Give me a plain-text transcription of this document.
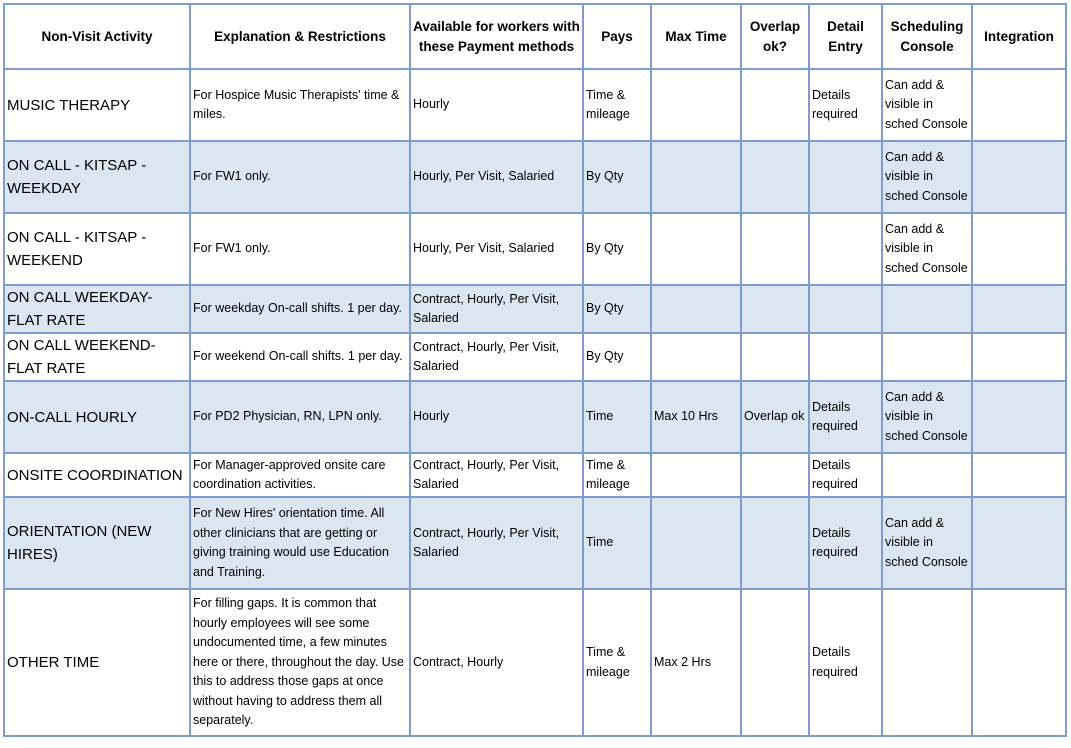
Non-Visit Activity	Explanation & Restrictions	Available for workers with these Payment methods	Pays	Max Time	Overlap ok?	Detail Entry	Scheduling Console	Integration
MUSIC THERAPY	For Hospice Music Therapists' time & miles.	Hourly	Time & mileage			Details required	Can add & visible in sched Console	
ON CALL - KITSAP - WEEKDAY	For FW1 only.	Hourly, Per Visit, Salaried	By Qty				Can add & visible in sched Console	
ON CALL - KITSAP - WEEKEND	For FW1 only.	Hourly, Per Visit, Salaried	By Qty				Can add & visible in sched Console	
ON CALL WEEKDAY-FLAT RATE	For weekday On-call shifts. 1 per day.	Contract, Hourly, Per Visit, Salaried	By Qty					
ON CALL WEEKEND-FLAT RATE	For weekend On-call shifts. 1 per day.	Contract, Hourly, Per Visit, Salaried	By Qty					
ON-CALL HOURLY	For PD2 Physician, RN, LPN only.	Hourly	Time	Max 10 Hrs	Overlap ok	Details required	Can add & visible in sched Console	
ONSITE COORDINATION	For Manager-approved onsite care coordination activities.	Contract, Hourly, Per Visit, Salaried	Time & mileage			Details required		
ORIENTATION (NEW HIRES)	For New Hires' orientation time. All other clinicians that are getting or giving training would use Education and Training.	Contract, Hourly, Per Visit, Salaried	Time			Details required	Can add & visible in sched Console	
OTHER TIME	For filling gaps. It is common that hourly employees will see some undocumented time, a few minutes here or there, throughout the day. Use this to address those gaps at once without having to address them all separately.	Contract, Hourly	Time & mileage	Max 2 Hrs		Details required		
